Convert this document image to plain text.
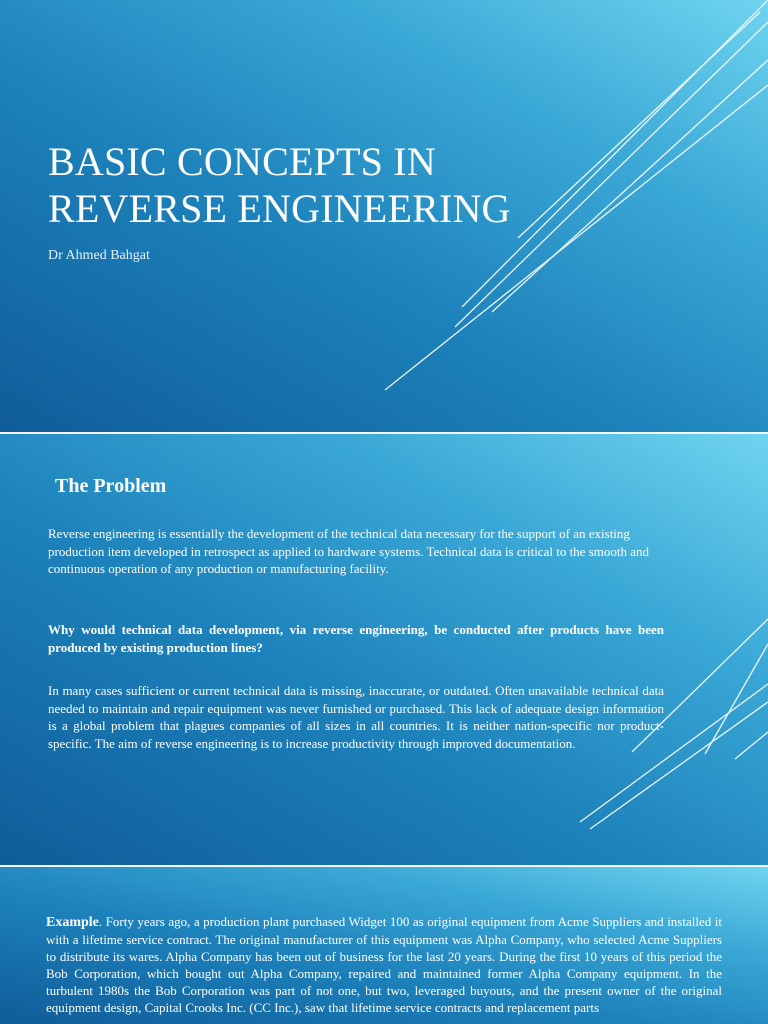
BASIC CONCEPTS IN REVERSE ENGINEERING
Dr Ahmed Bahgat
The Problem
Reverse engineering is essentially the development of the technical data necessary for the support of an existing production item developed in retrospect as applied to hardware systems. Technical data is critical to the smooth and continuous operation of any production or manufacturing facility.
Why would technical data development, via reverse engineering, be conducted after products have been produced by existing production lines?
In many cases sufficient or current technical data is missing, inaccurate, or outdated. Often unavailable technical data needed to maintain and repair equipment was never furnished or purchased. This lack of adequate design information is a global problem that plagues companies of all sizes in all countries. It is neither nation-specific nor product-specific. The aim of reverse engineering is to increase productivity through improved documentation.
Example. Forty years ago, a production plant purchased Widget 100 as original equipment from Acme Suppliers and installed it with a lifetime service contract. The original manufacturer of this equipment was Alpha Company, who selected Acme Suppliers to distribute its wares. Alpha Company has been out of business for the last 20 years. During the first 10 years of this period the Bob Corporation, which bought out Alpha Company, repaired and maintained former Alpha Company equipment. In the turbulent 1980s the Bob Corporation was part of not one, but two, leveraged buyouts, and the present owner of the original equipment design, Capital Crooks Inc. (CC Inc.), saw that lifetime service contracts and replacement parts
